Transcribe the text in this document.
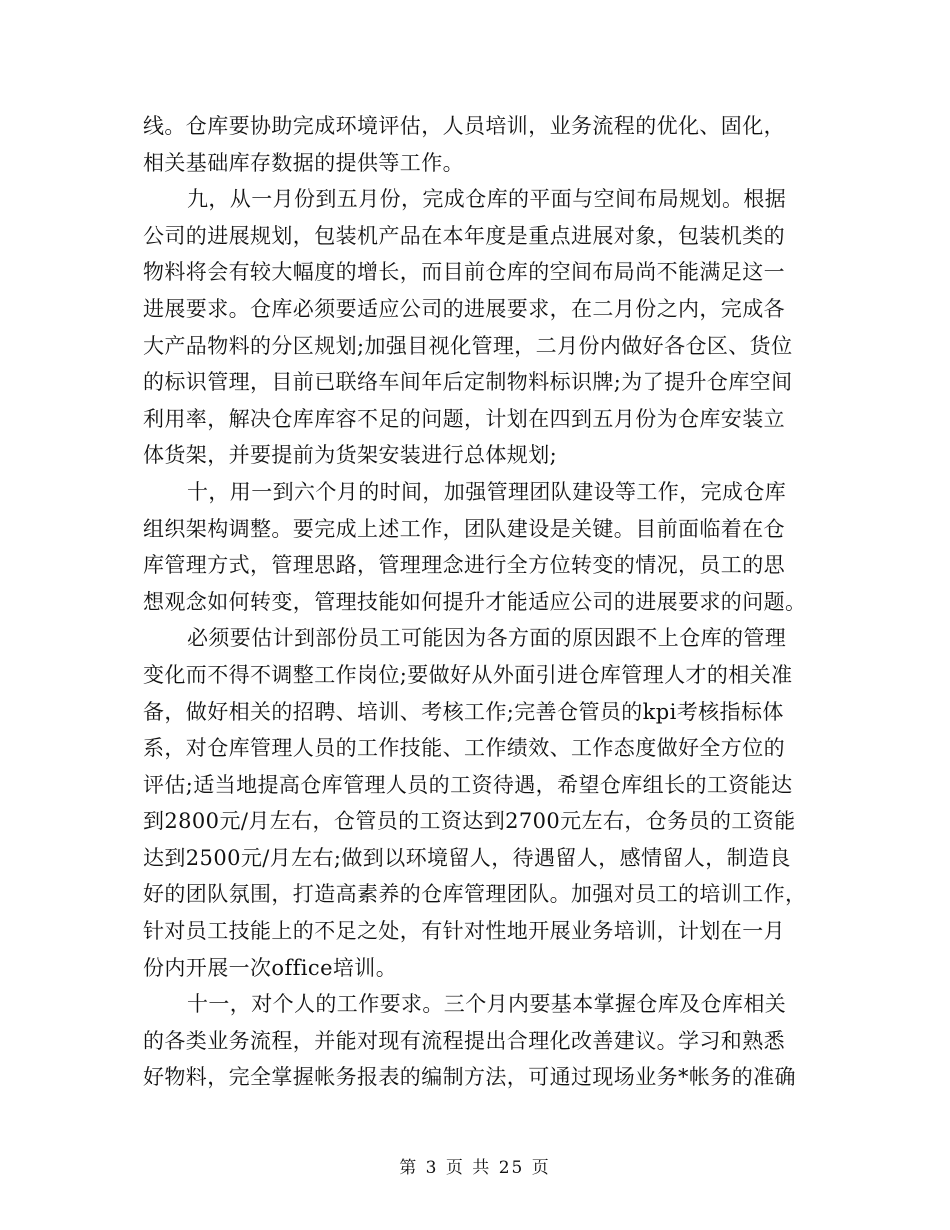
线。仓库要协助完成环境评估，人员培训，业务流程的优化、固化，
相关基础库存数据的提供等工作。
九，从一月份到五月份，完成仓库的平面与空间布局规划。根据
公司的进展规划，包装机产品在本年度是重点进展对象，包装机类的
物料将会有较大幅度的增长，而目前仓库的空间布局尚不能满足这一
进展要求。仓库必须要适应公司的进展要求，在二月份之内，完成各
大产品物料的分区规划;加强目视化管理，二月份内做好各仓区、货位
的标识管理，目前已联络车间年后定制物料标识牌;为了提升仓库空间
利用率，解决仓库库容不足的问题，计划在四到五月份为仓库安装立
体货架，并要提前为货架安装进行总体规划;
十，用一到六个月的时间，加强管理团队建设等工作，完成仓库
组织架构调整。要完成上述工作，团队建设是关键。目前面临着在仓
库管理方式，管理思路，管理理念进行全方位转变的情况，员工的思
想观念如何转变，管理技能如何提升才能适应公司的进展要求的问题。
必须要估计到部份员工可能因为各方面的原因跟不上仓库的管理
变化而不得不调整工作岗位;要做好从外面引进仓库管理人才的相关准
备，做好相关的招聘、培训、考核工作;完善仓管员的kpi考核指标体
系，对仓库管理人员的工作技能、工作绩效、工作态度做好全方位的
评估;适当地提高仓库管理人员的工资待遇，希望仓库组长的工资能达
到2800元/月左右，仓管员的工资达到2700元左右，仓务员的工资能
达到2500元/月左右;做到以环境留人，待遇留人，感情留人，制造良
好的团队氛围，打造高素养的仓库管理团队。加强对员工的培训工作，
针对员工技能上的不足之处，有针对性地开展业务培训，计划在一月
份内开展一次office培训。
十一，对个人的工作要求。三个月内要基本掌握仓库及仓库相关
的各类业务流程，并能对现有流程提出合理化改善建议。学习和熟悉
好物料，完全掌握帐务报表的编制方法，可通过现场业务*帐务的准确
第 3 页 共 25 页
